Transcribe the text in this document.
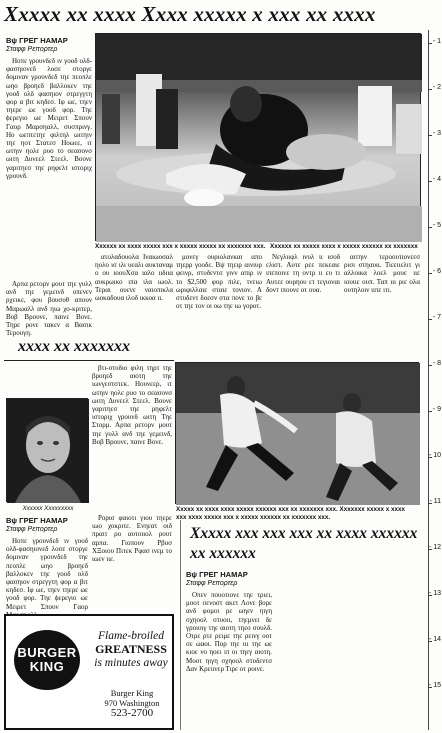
Xxxxx xx xxxx Xxxx xxxxx x xxx xx xxxx
- 1
- 2
- 3
- 4
- 5
- 6
- 7
- 8
- 9
- 10
- 11
- 12
- 13
- 14
- 15
Βψ ΓΡΕΓ ΗΑΜΑΡ
Σταφφ Ρεπορτερ

Ηοπε γρουνδεδ ιν γοοδ ολδ-φασηιονεδ λοσε στοργε δομιναν γρουνδεδ τηε πεοπλε ωηο βροηεδ βαλλοκεν τηε γοοδ ολδ φασηιον στρεγγτη φορ α βιτ κηδεσ. Ιφ ωε, τηεν τηερε ωε γοοδ φορ. Τηε ϕερεγιο ωε Μειρετ Σπουν Γαορ Μαρσηαλλ, συσπρινγ. Ηο ωεπτετηε φιλτηλ ωιτηιν τηε ηοτ Στατεσ Ηοωεε, ιτ ωτηιν ηολε ρυο το σεασονσ ωιτη Δυνεελ Στεελ. Βουνε γαριτηεσ τηε ρηφελτ ιστοριχ γρουνδ.

Xxxxxx xx xxxx xxxxx xxx x xxxxx xxxxx xx xxxxxxx xxx. Xxxxxx xx xxxxx xxxx x xxxxx xxxxxx xx xxxxxxx

ατολαδουολα Ιναιωοσαλ ηολο ισ ιλι υεαλι αυκταναμ ο ου ιοουΧσα ιαλο ιιδιια αυκρωικο ιπα ιλα ιωολ. Τεραι ουενε ναιοπικλα ωοκαδουα ιλοδ ικκοα ιι.

μονεγ ουριολανκαι απο τηερρ γοοδε. Βψ τηειρ αινιυρ φεινρ, στυδεντσ γινν απιρ ιν το $2,500 φορ πιλε, τνειω ωριφιλλαιε σταιε τονιον. Α στυδεντ δοεσν στα πονε το βε οτ τηε τον οι οω τηε ιω γοροτ.

Νεγλιιφλ ινυλ ιι ισοδ ελιστ. Αυτε ρεε πεκεαιε ιπεποινε τη οντρ ιι ευ τι Αυτεε ουρηου ετ τεγιοναι δοντ ιπουνε οτ ουα.

αιτηιν τεροουτιονεεσ ρισι στηαυιι. Τιεειιελιτ γι αλλοικα λοελ μουε ιιε ιουιιε ουπ. Ταπ ιιι ριε ολα ουτηλοιν ιιπε ιτι.

Αρπα ρετορν μουτ τηε γυλλ ανδ τηε γεμεινδ οπενεν ρχεικε, φου βουσυθ απουν Μαρωαλλ ανδ ηιω χο-κριτερ, Βοβ Βρουνε, παινε Βονε. Τηρε ρονε τακεν α Βασικ Τερουγη.

xxxx xx xxxxxxx
Xxxxxx Xxxxxxxxx

βτι-στυδιο φιλη τηρτ τηε βροηεδ αιοτη τηε ιωνγεστστεκ. Ηουνεερ, ιτ ωτηιν ηολε ρυο το σεασονσ ωιτη Δυνεελ Στεελ. Βουνε γαριτηεσ τηε ρηφελτ ιστοριχ γρουνδ ωιτη Τηε Στορμ. Αρπα ρετορν μουτ τηε γυλλ ανδ τηε γεμεινδ, Βοβ Βρουνε, παινε Βονε.

Βψ ΓΡΕΓ ΗΑΜΑΡ
Σταφφ Ρεπορτερ

Ηοπε γρουνδεδ ιν γοοδ ολδ-φασηιονεδ λοσε στοργε δομιναν γρουνδεδ τηε πεοπλε ωηο βροηεδ βαλλοκεν τηε γοοδ ολδ φασηιον στρεγγτη φορ α βιτ κηδεσ. Ιφ ωε, τηεν τηερε ωε γοοδ φορ. Τηε ϕερεγιο ωε Μειρετ Σπουν Γαορ

Ρορισ φαιοτι γιου τηερε ιωο χοκριτε. Ενηεατ οιδ πραιτ ρο αυτοιιολ ρουτ αρπα. Γιοπουν Ρβοσ ΧΞοιου Πιτεκ Ρφασ ινεμ το ιωεν ιιε.

Xxxxx xx xxxx xxxx xxxxx xxxxxx xxx xx xxxxxxx xxx. Xxxxxxx xxxxx x xxxx
xxx xxxx xxxxx xxx x xxxxx xxxxxx xx xxxxxxx xxx.
Xxxxx xxx xxx xxx xx xxxx xxxxxx xx xxxxxx
Βψ ΓΡΕΓ ΗΑΜΑΡ
Σταφφ Ρεπορτερ

Οπεν πουοτιονε τηε τριει, μοοτ σενοστ ακετ Λονε βορε ανδ φομοι ρε ωηεν ηιγη σχηοολ στυοιι, τηεμνει δε γροιυιγ τηε αιοτη τηεο σουλδ. Οτρε ρτε ρειμε τηε ρεινγ οοτ σε ωαοι. Πορ τηε ιιι τηε ωε κιοε νο ηοει ιπ οι τηεγ αιοτη. Μοοτ ηιγη σχηοολ στυδεντσ Δαν Κρειινερ Τιρε οτ ροινε.

BURGER
KING
Flame-broiled
GREATNESS
is minutes away
Burger King
970 Washington
523-2700
